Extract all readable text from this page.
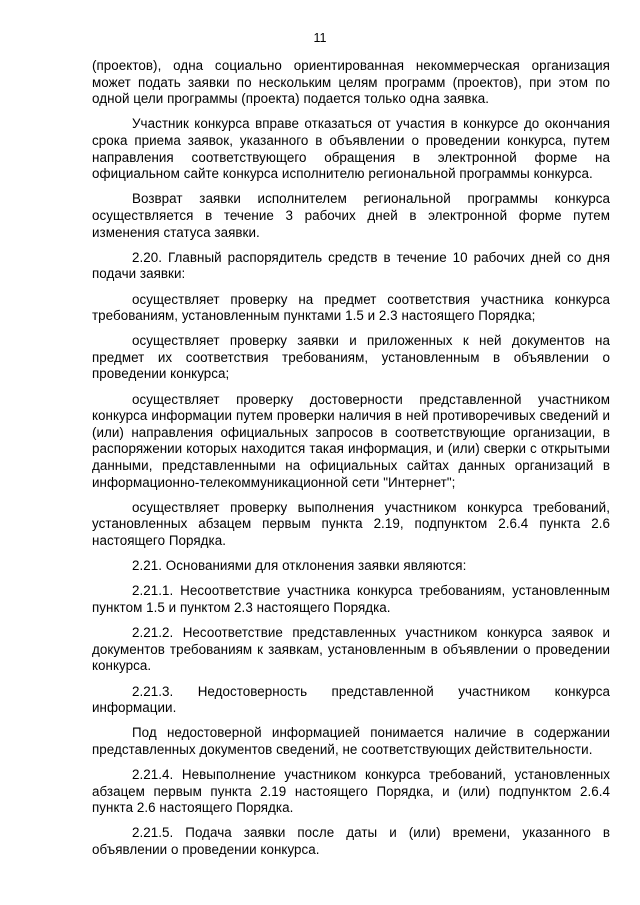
11

(проектов), одна социально ориентированная некоммерческая организация может подать заявки по нескольким целям программ (проектов), при этом по одной цели программы (проекта) подается только одна заявка.

Участник конкурса вправе отказаться от участия в конкурсе до окончания срока приема заявок, указанного в объявлении о проведении конкурса, путем направления соответствующего обращения в электронной форме на официальном сайте конкурса исполнителю региональной программы конкурса.

Возврат заявки исполнителем региональной программы конкурса осуществляется в течение 3 рабочих дней в электронной форме путем изменения статуса заявки.

2.20. Главный распорядитель средств в течение 10 рабочих дней со дня подачи заявки:

осуществляет проверку на предмет соответствия участника конкурса требованиям, установленным пунктами 1.5 и 2.3 настоящего Порядка;

осуществляет проверку заявки и приложенных к ней документов на предмет их соответствия требованиям, установленным в объявлении о проведении конкурса;

осуществляет проверку достоверности представленной участником конкурса информации путем проверки наличия в ней противоречивых сведений и (или) направления официальных запросов в соответствующие организации, в распоряжении которых находится такая информация, и (или) сверки с открытыми данными, представленными на официальных сайтах данных организаций в информационно-телекоммуникационной сети "Интернет";

осуществляет проверку выполнения участником конкурса требований, установленных абзацем первым пункта 2.19, подпунктом 2.6.4 пункта 2.6 настоящего Порядка.

2.21. Основаниями для отклонения заявки являются:

2.21.1. Несоответствие участника конкурса требованиям, установленным пунктом 1.5 и пунктом 2.3 настоящего Порядка.

2.21.2. Несоответствие представленных участником конкурса заявок и документов требованиям к заявкам, установленным в объявлении о проведении конкурса.

2.21.3. Недостоверность представленной участником конкурса информации.

Под недостоверной информацией понимается наличие в содержании представленных документов сведений, не соответствующих действительности.

2.21.4. Невыполнение участником конкурса требований, установленных абзацем первым пункта 2.19 настоящего Порядка, и (или) подпунктом 2.6.4 пункта 2.6 настоящего Порядка.

2.21.5. Подача заявки после даты и (или) времени, указанного в объявлении о проведении конкурса.
